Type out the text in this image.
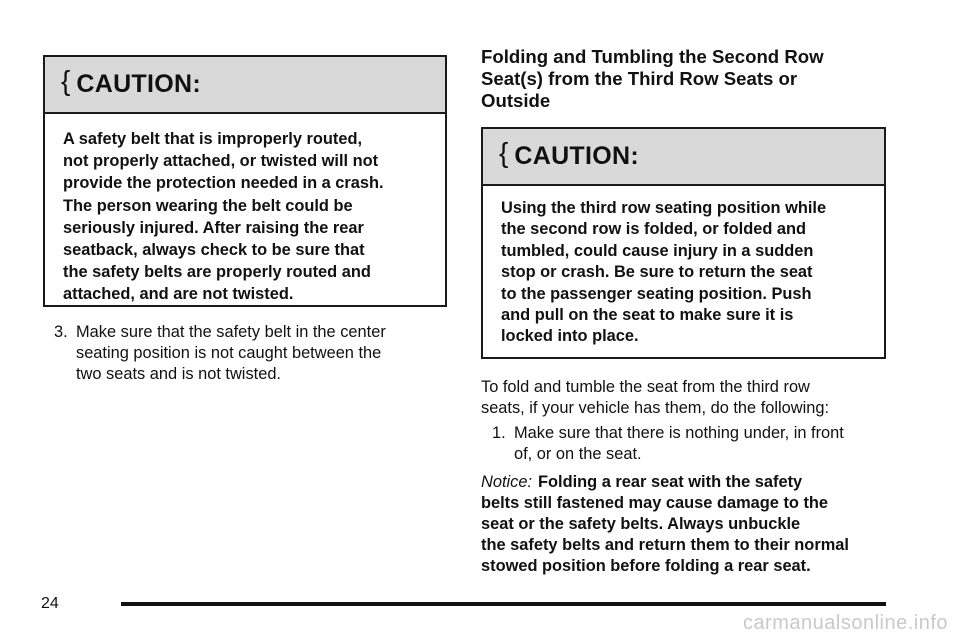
{ CAUTION:
A safety belt that is improperly routed,
not properly attached, or twisted will not
provide the protection needed in a crash.
The person wearing the belt could be
seriously injured. After raising the rear
seatback, always check to be sure that
the safety belts are properly routed and
attached, and are not twisted.
3. Make sure that the safety belt in the center
seating position is not caught between the
two seats and is not twisted.
Folding and Tumbling the Second Row
Seat(s) from the Third Row Seats or
Outside
{ CAUTION:
Using the third row seating position while
the second row is folded, or folded and
tumbled, could cause injury in a sudden
stop or crash. Be sure to return the seat
to the passenger seating position. Push
and pull on the seat to make sure it is
locked into place.
To fold and tumble the seat from the third row
seats, if your vehicle has them, do the following:
1. Make sure that there is nothing under, in front
of, or on the seat.
Notice: Folding a rear seat with the safety
belts still fastened may cause damage to the
seat or the safety belts. Always unbuckle
the safety belts and return them to their normal
stowed position before folding a rear seat.
24
carmanualsonline.info
